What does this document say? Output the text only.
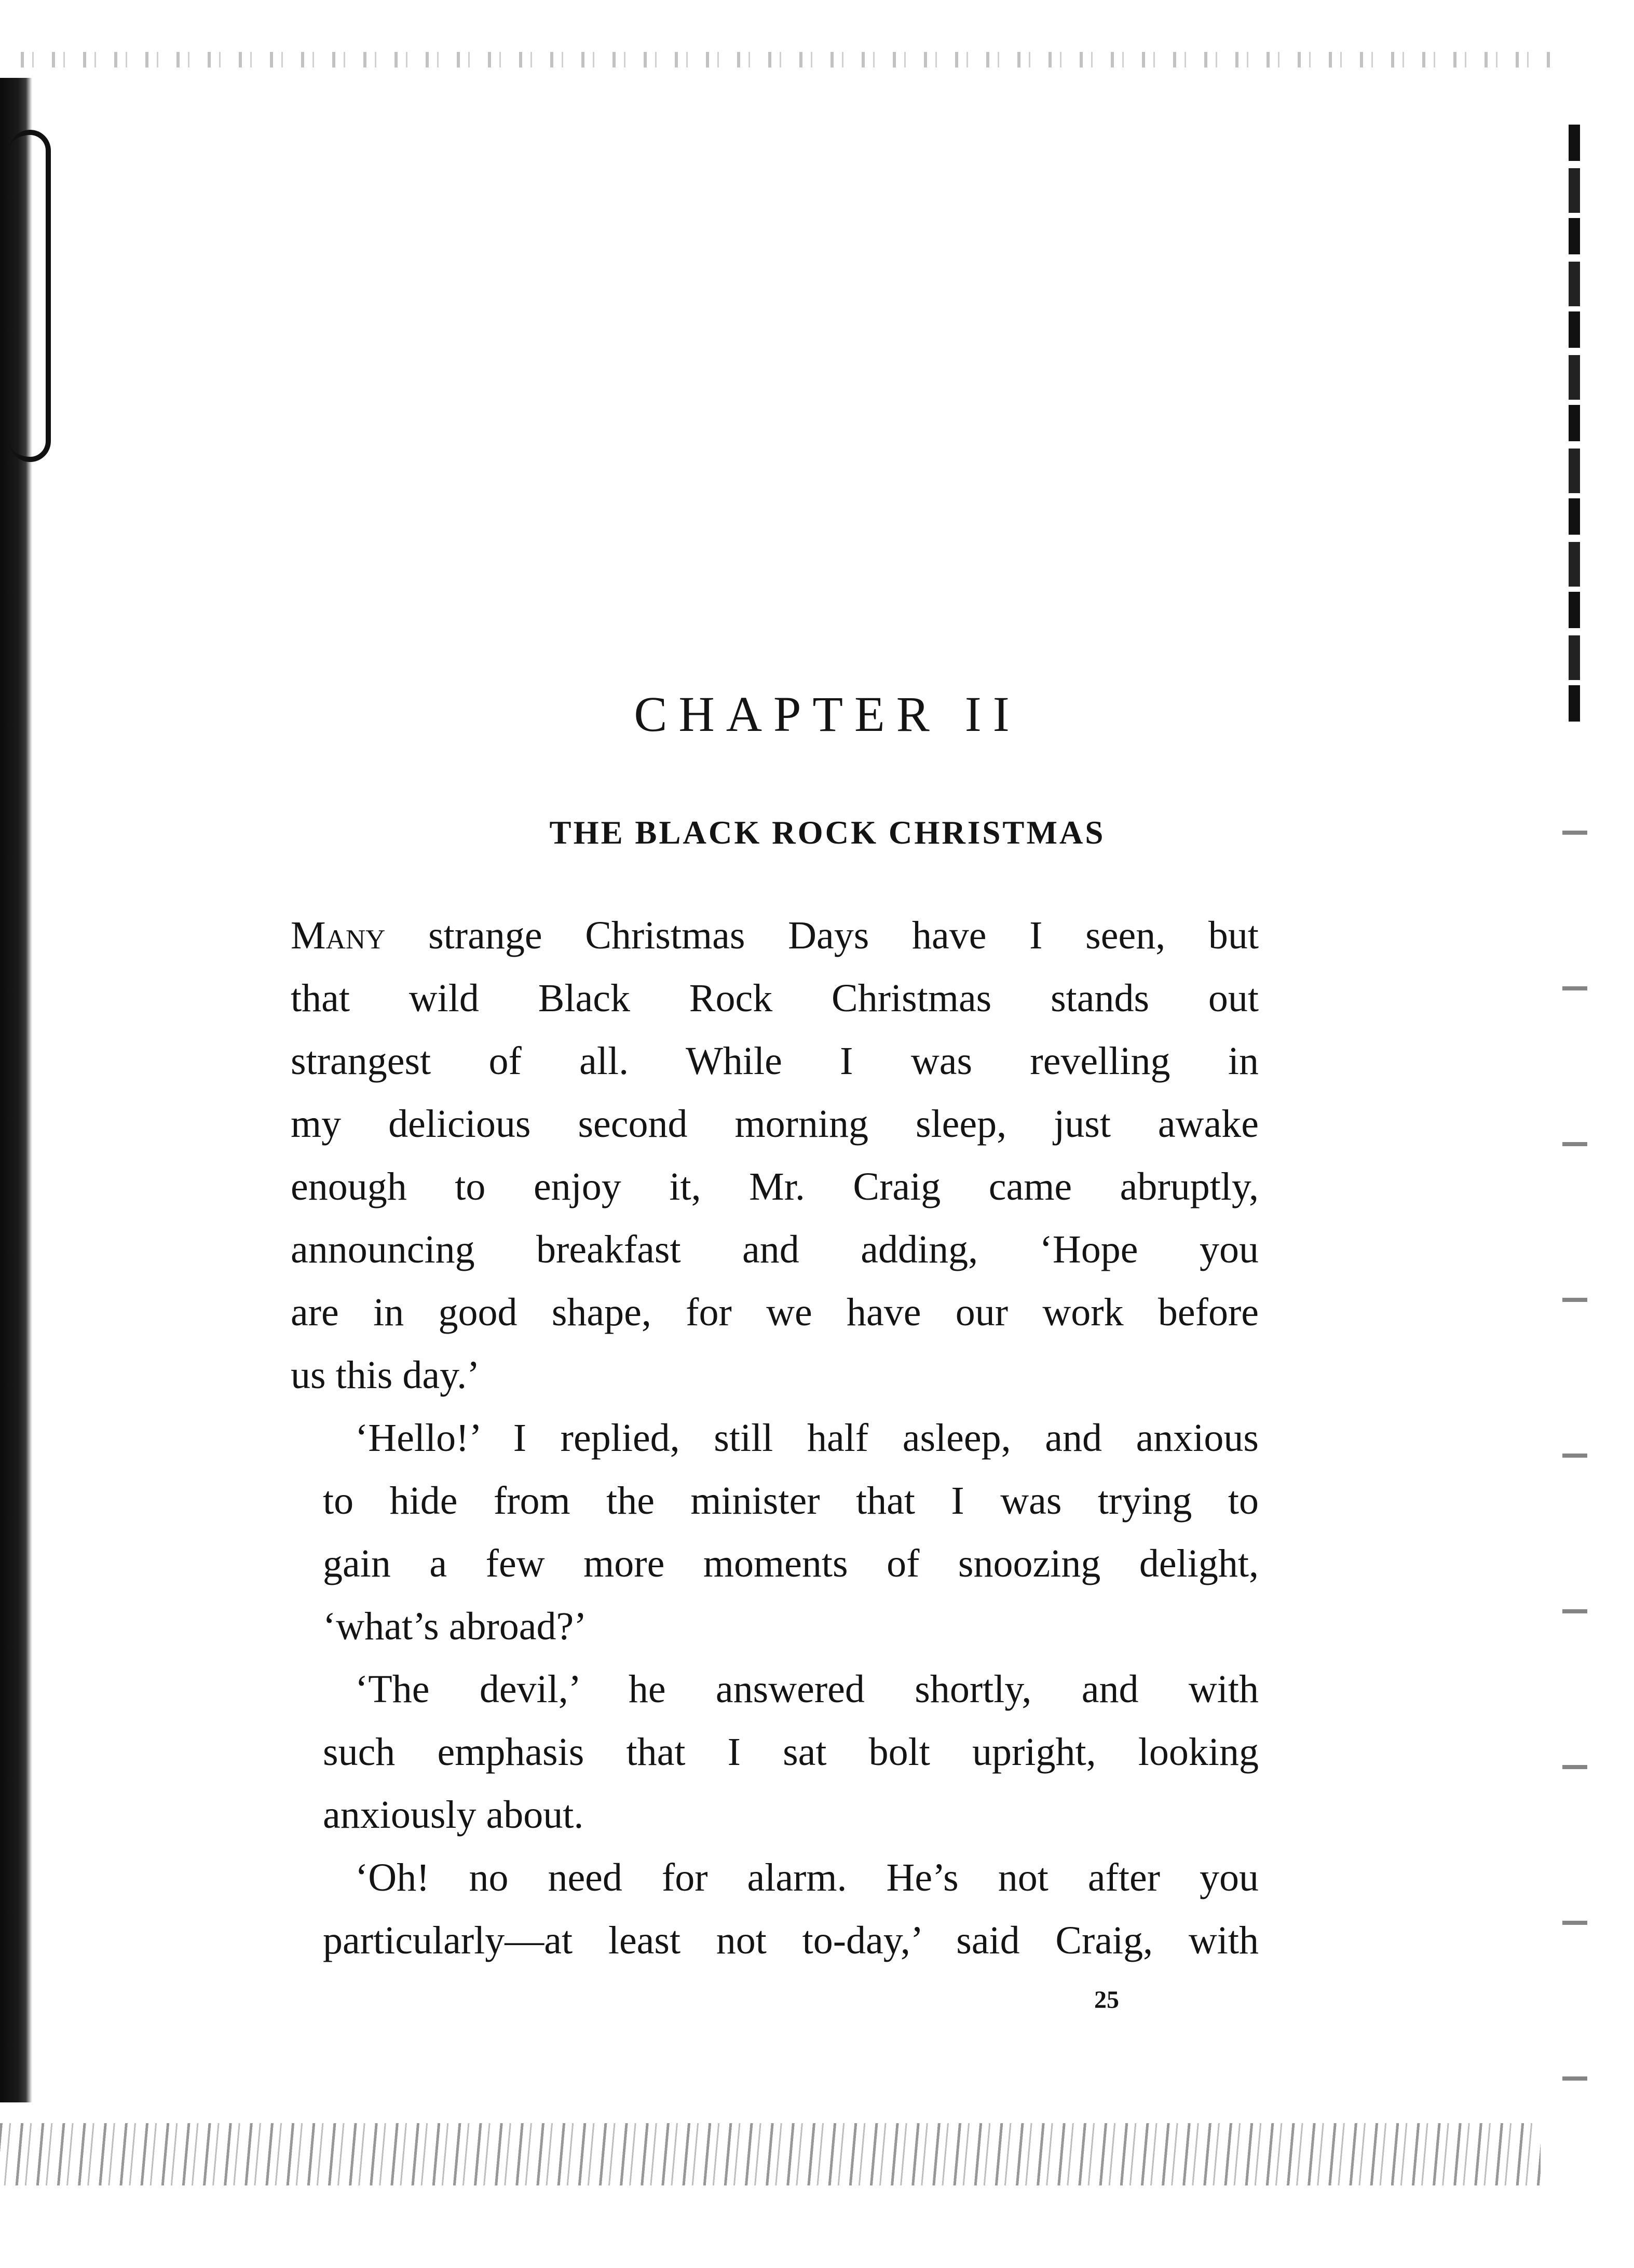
CHAPTER II
THE BLACK ROCK CHRISTMAS

Many strange Christmas Days have I seen, but
that wild Black Rock Christmas stands out
strangest of all. While I was revelling in
my delicious second morning sleep, just awake
enough to enjoy it, Mr. Craig came abruptly,
announcing breakfast and adding, ‘Hope you
are in good shape, for we have our work before
us this day.’

‘Hello!’ I replied, still half asleep, and anxious
to hide from the minister that I was trying to
gain a few more moments of snoozing delight,
‘what’s abroad?’

‘The devil,’ he answered shortly, and with
such emphasis that I sat bolt upright, looking
anxiously about.

‘Oh! no need for alarm. He’s not after you
particularly—at least not to-day,’ said Craig, with

25
